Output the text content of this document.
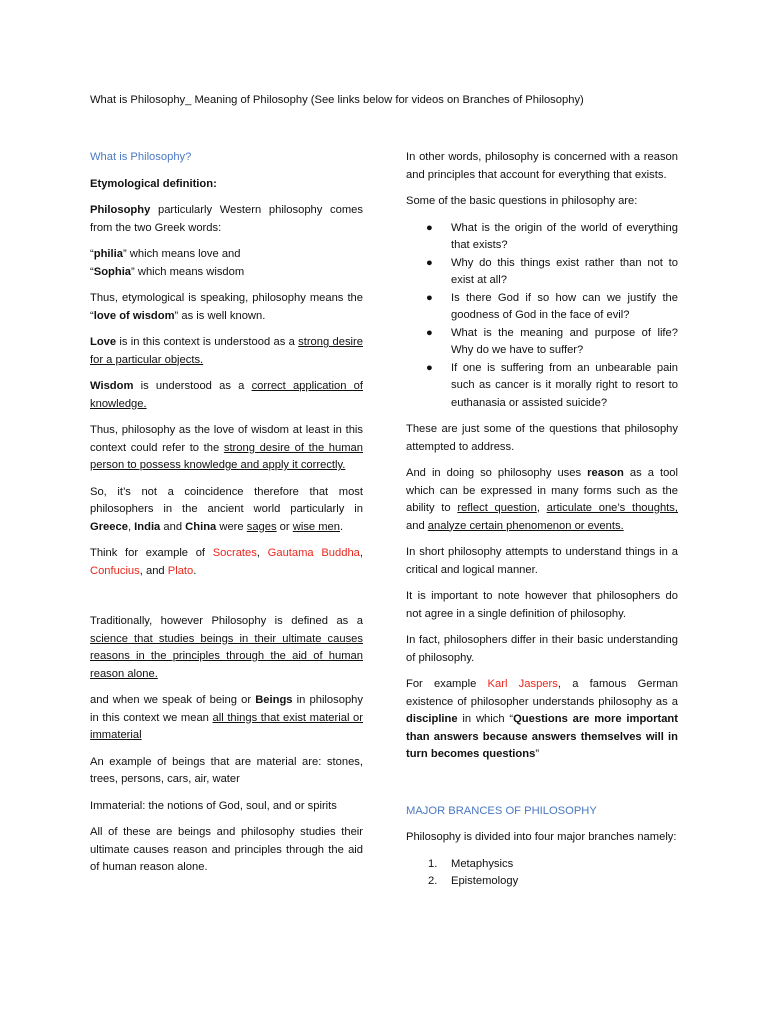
What is Philosophy_ Meaning of Philosophy (See links below for videos on Branches of Philosophy)
What is Philosophy?

Etymological definition:

Philosophy particularly Western philosophy comes from the two Greek words:

“philia” which means love and
“Sophia” which means wisdom

Thus, etymological is speaking, philosophy means the “love of wisdom” as is well known.

Love is in this context is understood as a strong desire for a particular objects.

Wisdom is understood as a correct application of knowledge.

Thus, philosophy as the love of wisdom at least in this context could refer to the strong desire of the human person to possess knowledge and apply it correctly.

So, it’s not a coincidence therefore that most philosophers in the ancient world particularly in Greece, India and China were sages or wise men.

Think for example of Socrates, Gautama Buddha, Confucius, and Plato.

Traditionally, however Philosophy is defined as a science that studies beings in their ultimate causes reasons in the principles through the aid of human reason alone.

and when we speak of being or Beings in philosophy in this context we mean all things that exist material or immaterial

An example of beings that are material are: stones, trees, persons, cars, air, water

Immaterial: the notions of God, soul, and or spirits

All of these are beings and philosophy studies their ultimate causes reason and principles through the aid of human reason alone.

In other words, philosophy is concerned with a reason and principles that account for everything that exists.

Some of the basic questions in philosophy are:

● What is the origin of the world of everything that exists?
● Why do this things exist rather than not to exist at all?
● Is there God if so how can we justify the goodness of God in the face of evil?
● What is the meaning and purpose of life? Why do we have to suffer?
● If one is suffering from an unbearable pain such as cancer is it morally right to resort to euthanasia or assisted suicide?

These are just some of the questions that philosophy attempted to address.

And in doing so philosophy uses reason as a tool which can be expressed in many forms such as the ability to reflect question, articulate one’s thoughts, and analyze certain phenomenon or events.

In short philosophy attempts to understand things in a critical and logical manner.

It is important to note however that philosophers do not agree in a single definition of philosophy.

In fact, philosophers differ in their basic understanding of philosophy.

For example Karl Jaspers, a famous German existence of philosopher understands philosophy as a discipline in which “Questions are more important than answers because answers themselves will in turn becomes questions”

MAJOR BRANCES OF PHILOSOPHY

Philosophy is divided into four major branches namely:

1. Metaphysics
2. Epistemology
